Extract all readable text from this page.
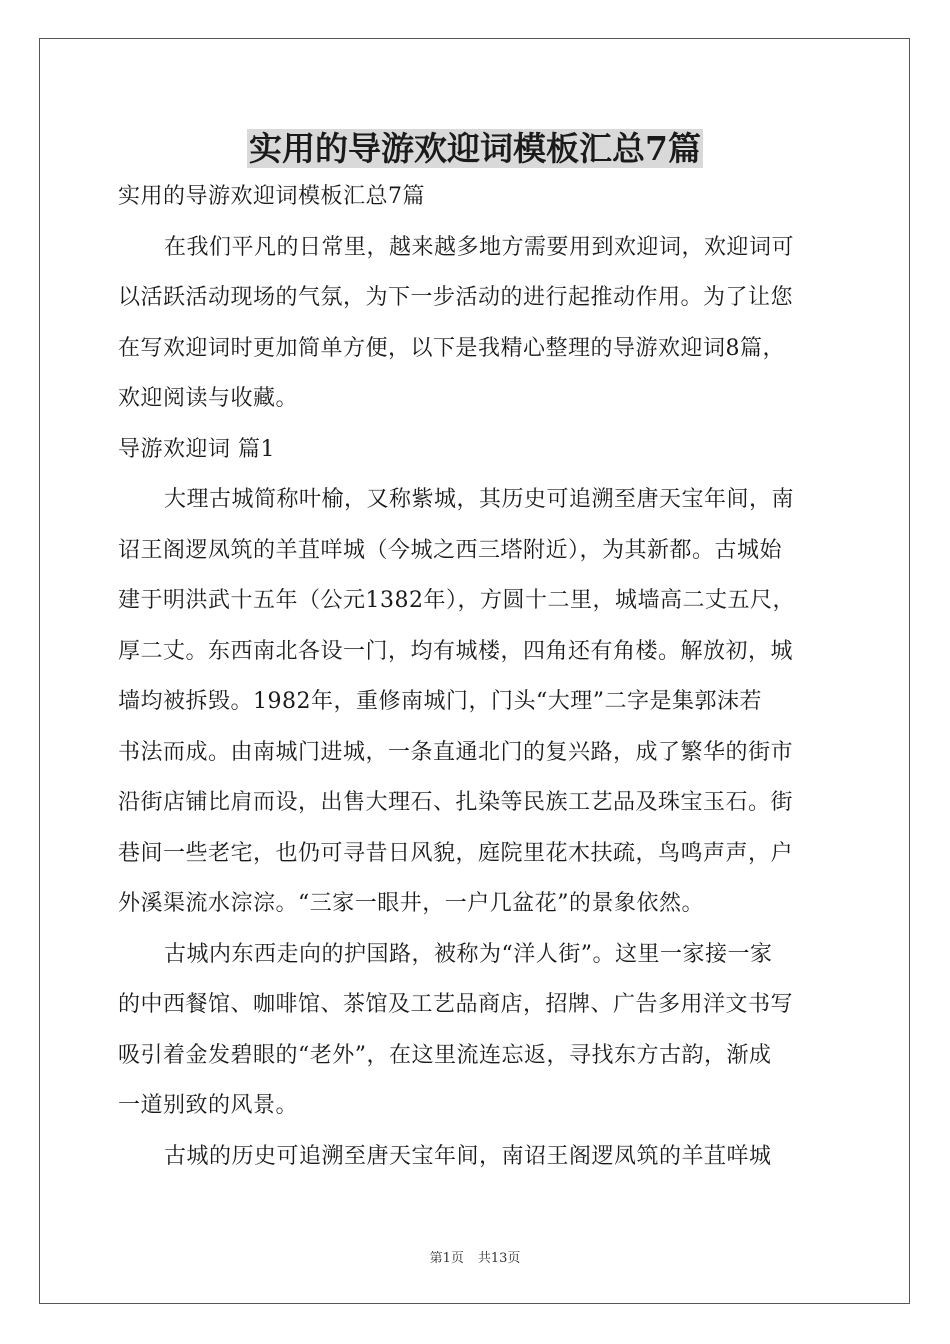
实用的导游欢迎词模板汇总7篇
实用的导游欢迎词模板汇总7篇
在我们平凡的日常里，越来越多地方需要用到欢迎词，欢迎词可
以活跃活动现场的气氛，为下一步活动的进行起推动作用。为了让您
在写欢迎词时更加简单方便，以下是我精心整理的导游欢迎词8篇，
欢迎阅读与收藏。
导游欢迎词 篇1
大理古城简称叶榆，又称紫城，其历史可追溯至唐天宝年间，南
诏王阁逻凤筑的羊苴咩城（今城之西三塔附近），为其新都。古城始
建于明洪武十五年（公元1382年），方圆十二里，城墙高二丈五尺，
厚二丈。东西南北各设一门，均有城楼，四角还有角楼。解放初，城
墙均被拆毁。1982年，重修南城门，门头“大理”二字是集郭沫若
书法而成。由南城门进城，一条直通北门的复兴路，成了繁华的街市
沿街店铺比肩而设，出售大理石、扎染等民族工艺品及珠宝玉石。街
巷间一些老宅，也仍可寻昔日风貌，庭院里花木扶疏，鸟鸣声声，户
外溪渠流水淙淙。“三家一眼井，一户几盆花”的景象依然。
古城内东西走向的护国路，被称为“洋人街”。这里一家接一家
的中西餐馆、咖啡馆、茶馆及工艺品商店，招牌、广告多用洋文书写
吸引着金发碧眼的“老外”，在这里流连忘返，寻找东方古韵，渐成
一道别致的风景。
古城的历史可追溯至唐天宝年间，南诏王阁逻凤筑的羊苴咩城
第1页 共13页
